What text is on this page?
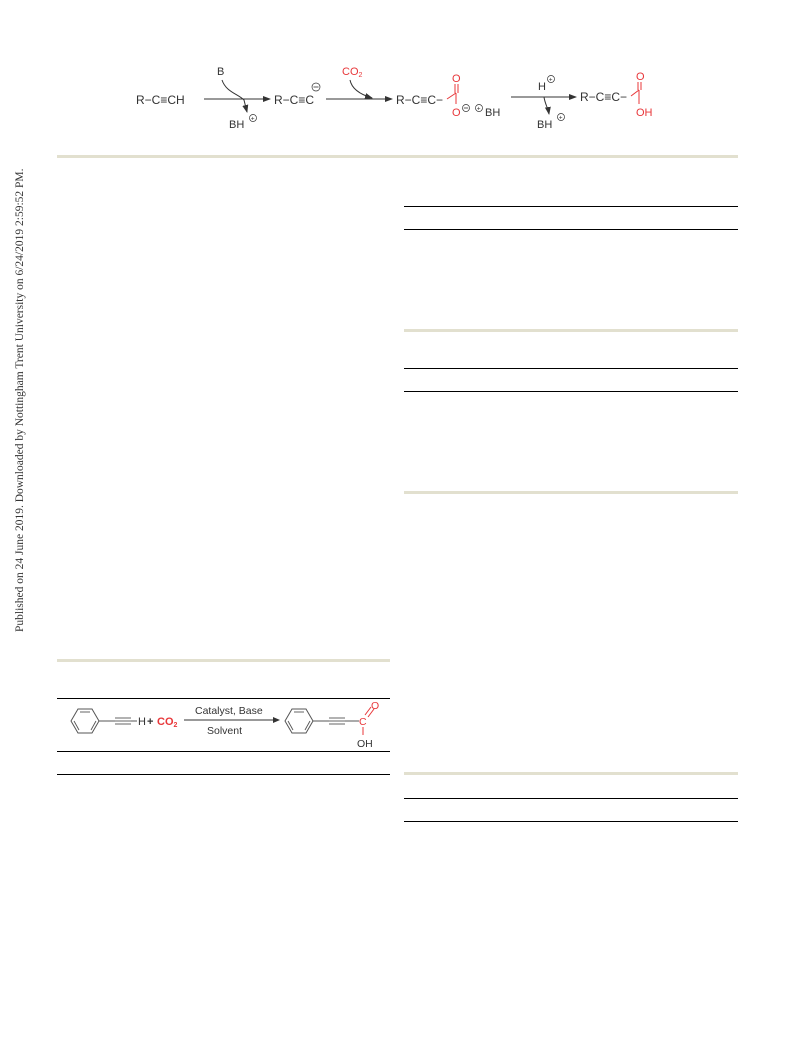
Published on 24 June 2019. Downloaded by Nottingham Trent University on 6/24/2019 2:59:52 PM.
R−C≡CH
B
BH +
R−C≡C
CO2
R−C≡C−
O
O + BH
H
+
BH
+
R−C≡C−
O
OH
H + CO2
Catalyst, Base
Solvent
C
O
OH
